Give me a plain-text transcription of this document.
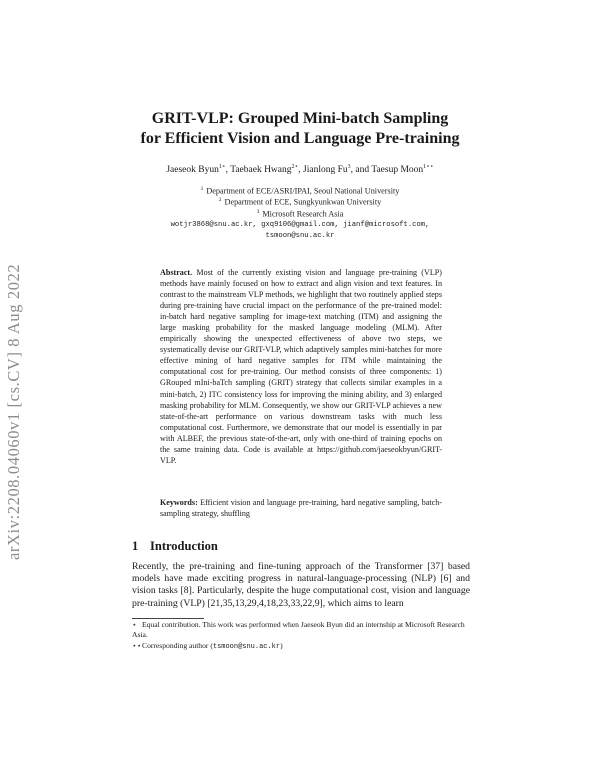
arXiv:2208.04060v1 [cs.CV] 8 Aug 2022
GRIT-VLP: Grouped Mini-batch Sampling
for Efficient Vision and Language Pre-training
Jaeseok Byun$^{1⋆}$, Taebaek Hwang$^{2⋆}$, Jianlong Fu$^3$, and Taesup Moon$^{1⋆⋆}$
$^1$ Department of ECE/ASRI/IPAI, Seoul National University
$^2$ Department of ECE, Sungkyunkwan University
$^3$ Microsoft Research Asia
wotjr3868@snu.ac.kr, gxq9106@gmail.com, jianf@microsoft.com,
tsmoon@snu.ac.kr
Abstract. Most of the currently existing vision and language pre-training (VLP) methods have mainly focused on how to extract and align vision and text features. In contrast to the mainstream VLP methods, we highlight that two routinely applied steps during pre-training have crucial impact on the performance of the pre-trained model: in-batch hard negative sampling for image-text matching (ITM) and assigning the large masking probability for the masked language modeling (MLM). After empirically showing the unexpected effectiveness of above two steps, we systematically devise our GRIT-VLP, which adaptively samples mini-batches for more effective mining of hard negative samples for ITM while maintaining the computational cost for pre-training. Our method consists of three components: 1) GRouped mIni-baTch sampling (GRIT) strategy that collects similar examples in a mini-batch, 2) ITC consistency loss for improving the mining ability, and 3) enlarged masking probability for MLM. Consequently, we show our GRIT-VLP achieves a new state-of-the-art performance on various downstream tasks with much less computational cost. Furthermore, we demonstrate that our model is essentially in par with ALBEF, the previous state-of-the-art, only with one-third of training epochs on the same training data. Code is available at https://github.com/jaeseokbyun/GRIT-VLP.
Keywords: Efficient vision and language pre-training, hard negative sampling, batch-sampling strategy, shuffling
1 Introduction
Recently, the pre-training and fine-tuning approach of the Transformer [37] based models have made exciting progress in natural-language-processing (NLP) [6] and vision tasks [8]. Particularly, despite the huge computational cost, vision and language pre-training (VLP) [21,35,13,29,4,18,23,33,22,9], which aims to learn

⋆ Equal contribution. This work was performed when Jaeseok Byun did an internship at Microsoft Research Asia.

⋆⋆Corresponding author (tsmoon@snu.ac.kr)
